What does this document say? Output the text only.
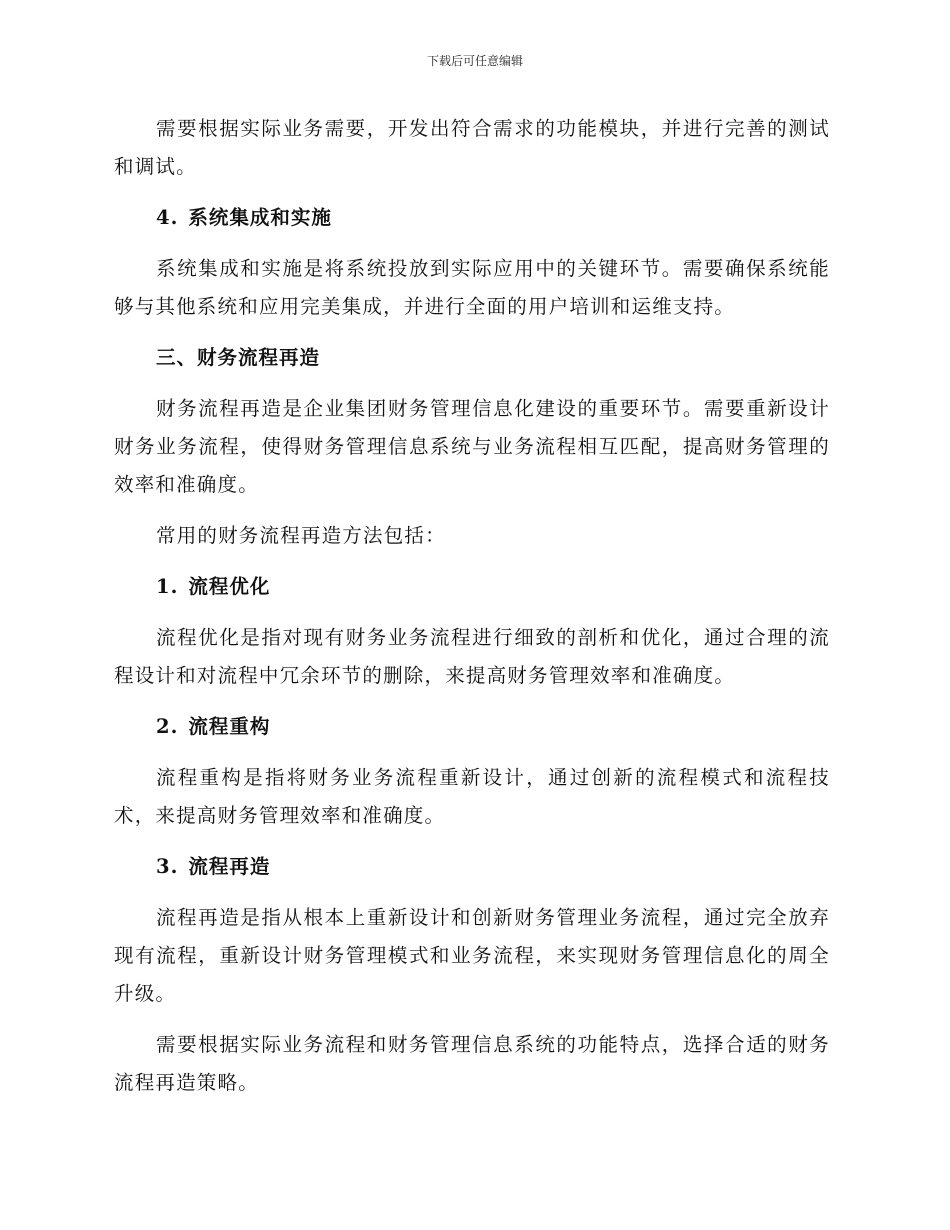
下载后可任意编辑

需要根据实际业务需要，开发出符合需求的功能模块，并进行完善的测试和调试。

4. 系统集成和实施

系统集成和实施是将系统投放到实际应用中的关键环节。需要确保系统能够与其他系统和应用完美集成，并进行全面的用户培训和运维支持。

三、财务流程再造

财务流程再造是企业集团财务管理信息化建设的重要环节。需要重新设计财务业务流程，使得财务管理信息系统与业务流程相互匹配，提高财务管理的效率和准确度。

常用的财务流程再造方法包括：

1. 流程优化

流程优化是指对现有财务业务流程进行细致的剖析和优化，通过合理的流程设计和对流程中冗余环节的删除，来提高财务管理效率和准确度。

2. 流程重构

流程重构是指将财务业务流程重新设计，通过创新的流程模式和流程技术，来提高财务管理效率和准确度。

3. 流程再造

流程再造是指从根本上重新设计和创新财务管理业务流程，通过完全放弃现有流程，重新设计财务管理模式和业务流程，来实现财务管理信息化的周全升级。

需要根据实际业务流程和财务管理信息系统的功能特点，选择合适的财务流程再造策略。
